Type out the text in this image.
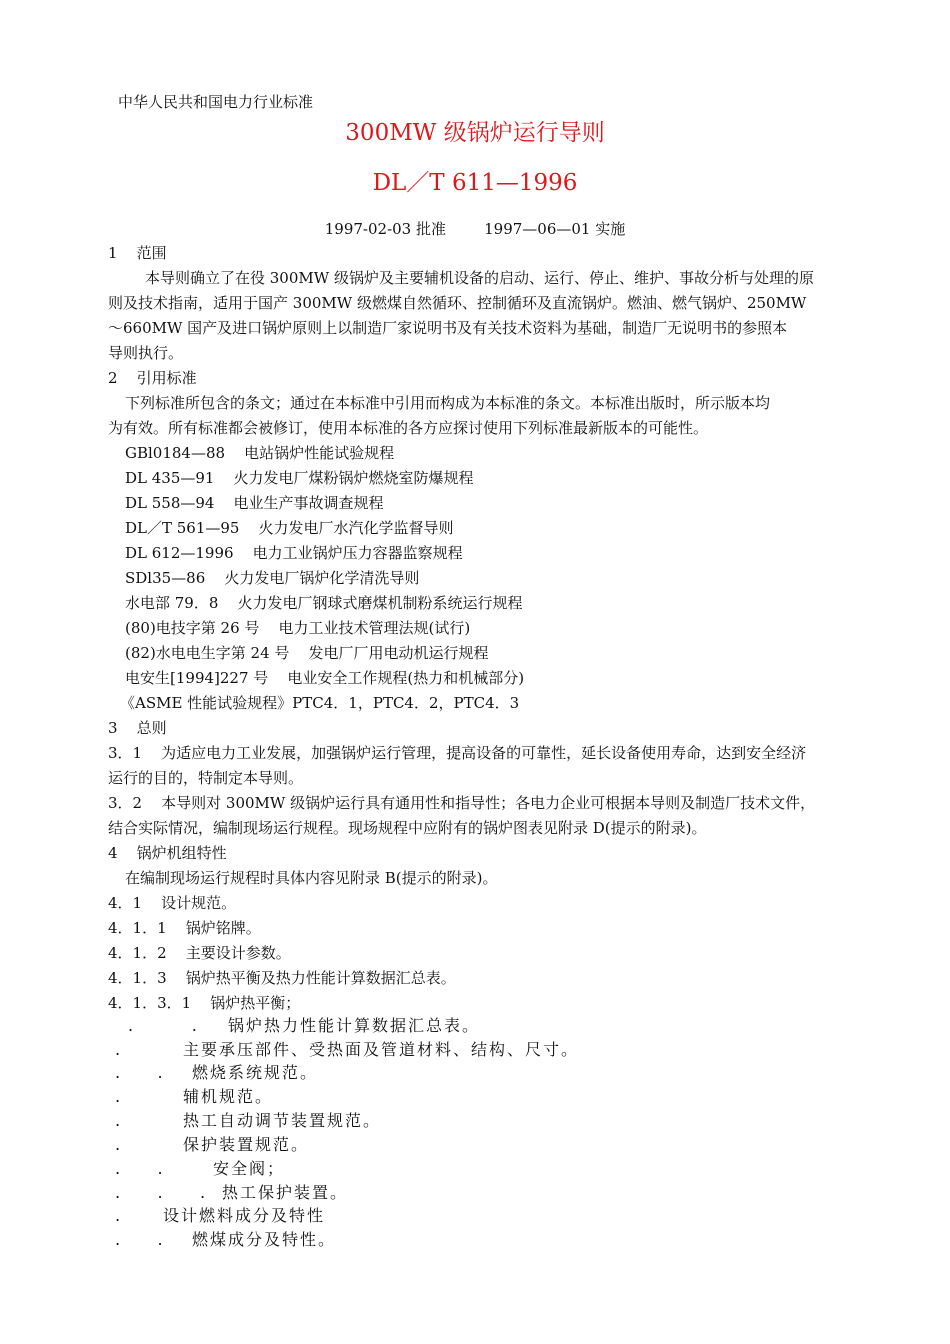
中华人民共和国电力行业标准
300MW 级锅炉运行导则
DL／T 611—1996
1997-02-03 批准        1997—06—01 实施
1    范围
本导则确立了在役 300MW 级锅炉及主要辅机设备的启动、运行、停止、维护、事故分析与处理的原
则及技术指南，适用于国产 300MW 级燃煤自然循环、控制循环及直流锅炉。燃油、燃气锅炉、250MW
～660MW 国产及进口锅炉原则上以制造厂家说明书及有关技术资料为基础，制造厂无说明书的参照本
导则执行。
2    引用标准
下列标准所包含的条文；通过在本标准中引用而构成为本标准的条文。本标准出版时，所示版本均
为有效。所有标准都会被修订，使用本标准的各方应探讨使用下列标准最新版本的可能性。
GBl0184—88    电站锅炉性能试验规程
DL 435—91    火力发电厂煤粉锅炉燃烧室防爆规程
DL 558—94    电业生产事故调查规程
DL／T 561—95    火力发电厂水汽化学监督导则
DL 612—1996    电力工业锅炉压力容器监察规程
SDl35—86    火力发电厂锅炉化学清洗导则
水电部 79．8    火力发电厂钢球式磨煤机制粉系统运行规程
(80)电技字第 26 号    电力工业技术管理法规(试行)
(82)水电电生字第 24 号    发电厂厂用电动机运行规程
电安生[1994]227 号    电业安全工作规程(热力和机械部分)
《ASME 性能试验规程》PTC4．1，PTC4．2，PTC4．3
3    总则
3．1    为适应电力工业发展，加强锅炉运行管理，提高设备的可靠性，延长设备使用寿命，达到安全经济
运行的目的，特制定本导则。
3．2    本导则对 300MW 级锅炉运行具有通用性和指导性；各电力企业可根据本导则及制造厂技术文件，
结合实际情况，编制现场运行规程。现场规程中应附有的锅炉图表见附录 D(提示的附录)。
4    锅炉机组特性
在编制现场运行规程时具体内容见附录 B(提示的附录)。
4．1    设计规范。
4．1．1    锅炉铭牌。
4．1．2    主要设计参数。
4．1．3    锅炉热平衡及热力性能计算数据汇总表。
4．1．3．1    锅炉热平衡；
.        . 锅炉热力性能计算数据汇总表。
.	主要承压部件、受热面及管道材料、结构、尺寸。
.     . 燃烧系统规范。
.	辅机规范。
.	热工自动调节装置规范。
.	保护装置规范。
.     .	安全阀；
.     .     . 热工保护装置。
.	设计燃料成分及特性
.     . 燃煤成分及特性。
